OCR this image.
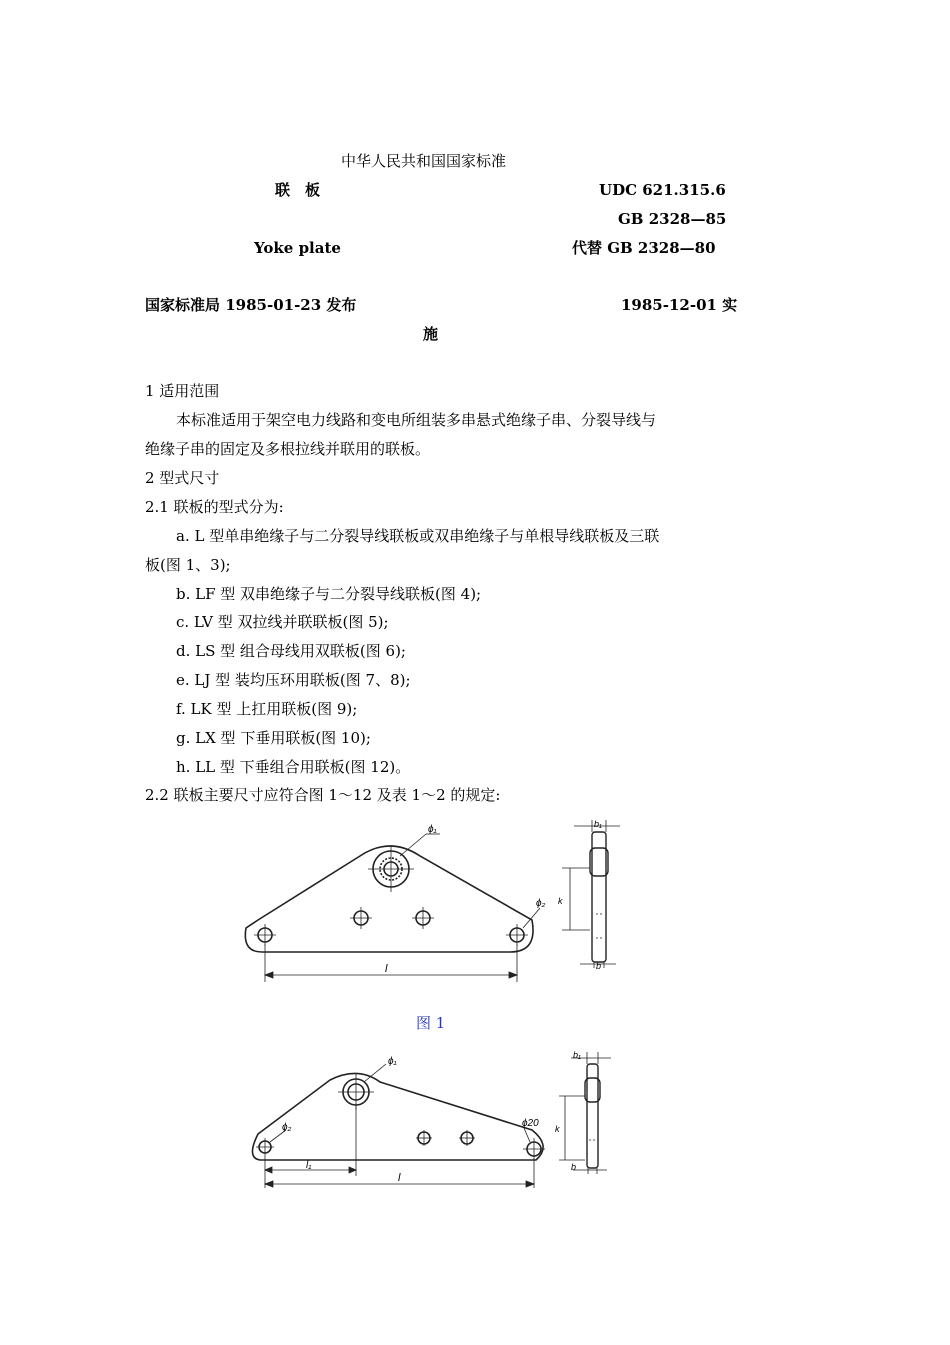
中华人民共和国国家标准
联　板	UDC 621.315.6
GB 2328—85
Yoke plate	代替 GB 2328—80
国家标准局 1985-01-23 发布	1985-12-01 实
施
1 适用范围
本标准适用于架空电力线路和变电所组装多串悬式绝缘子串、分裂导线与
绝缘子串的固定及多根拉线并联用的联板。
2 型式尺寸
2.1 联板的型式分为:
a. L 型单串绝缘子与二分裂导线联板或双串绝缘子与单根导线联板及三联
板(图 1、3);
b. LF 型 双串绝缘子与二分裂导线联板(图 4);
c. LV 型 双拉线并联联板(图 5);
d. LS 型 组合母线用双联板(图 6);
e. LJ 型 装均压环用联板(图 7、8);
f. LK 型 上扛用联板(图 9);
g. LX 型 下垂用联板(图 10);
h. LL 型 下垂组合用联板(图 12)。
2.2 联板主要尺寸应符合图 1～12 及表 1～2 的规定:
ϕ₁
ϕ₂
l
b₁
k
b
图 1
ϕ₁
ϕ₂	ϕ20
l₁
l
b₁
k
b
